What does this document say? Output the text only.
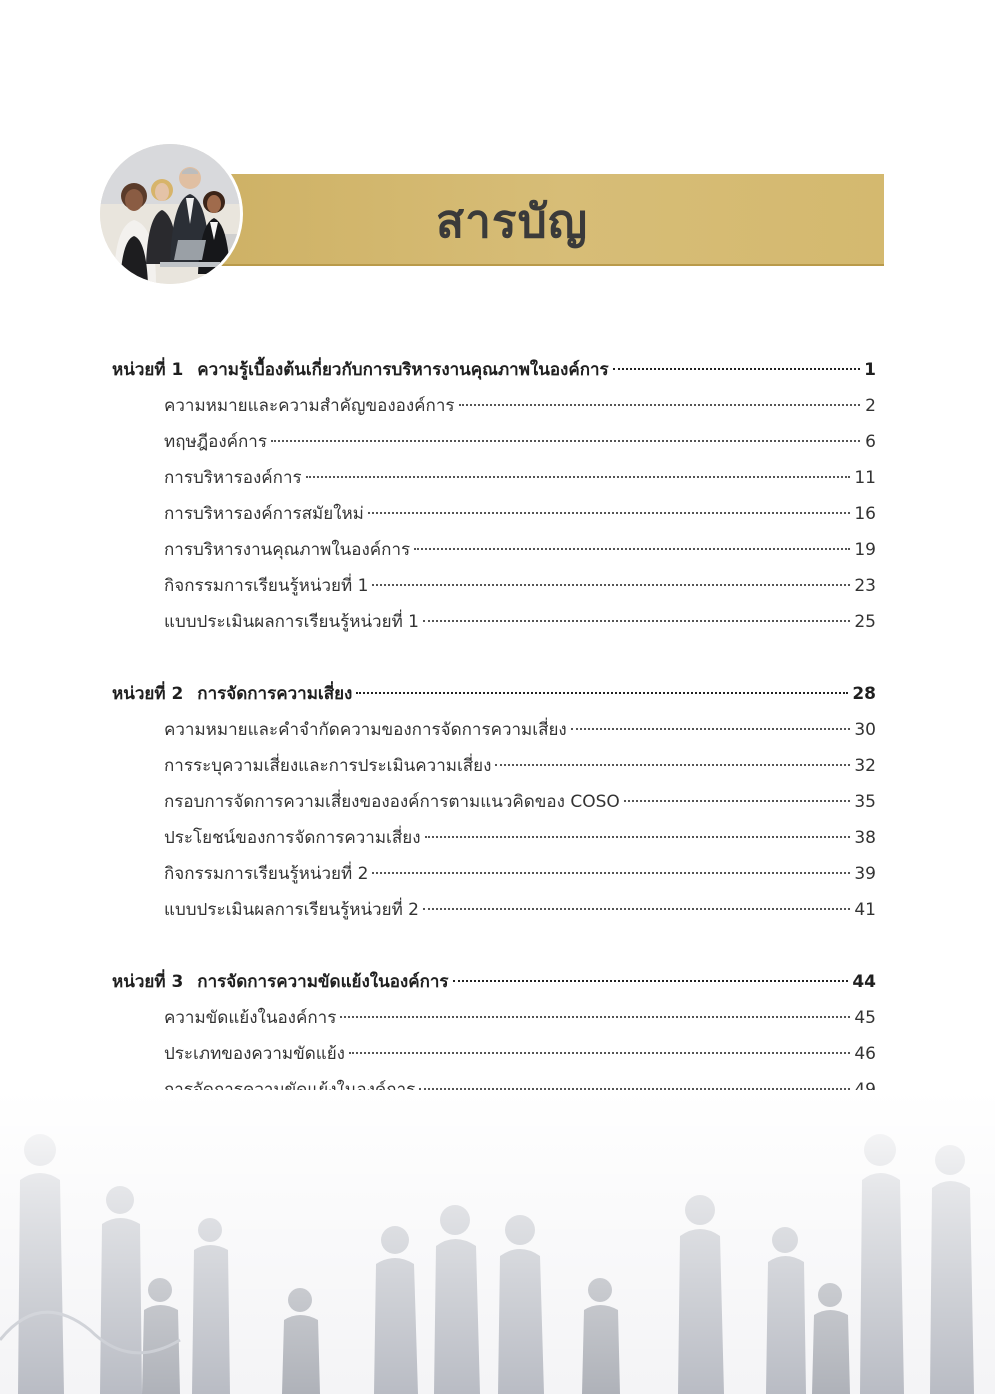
สารบัญ
หน่วยที่ 1 ความรู้เบื้องต้นเกี่ยวกับการบริหารงานคุณภาพในองค์การ	1
ความหมายและความสำคัญขององค์การ	2
ทฤษฎีองค์การ	6
การบริหารองค์การ	11
การบริหารองค์การสมัยใหม่	16
การบริหารงานคุณภาพในองค์การ	19
กิจกรรมการเรียนรู้หน่วยที่ 1	23
แบบประเมินผลการเรียนรู้หน่วยที่ 1	25
หน่วยที่ 2 การจัดการความเสี่ยง	28
ความหมายและคำจำกัดความของการจัดการความเสี่ยง	30
การระบุความเสี่ยงและการประเมินความเสี่ยง	32
กรอบการจัดการความเสี่ยงขององค์การตามแนวคิดของ COSO	35
ประโยชน์ของการจัดการความเสี่ยง	38
กิจกรรมการเรียนรู้หน่วยที่ 2	39
แบบประเมินผลการเรียนรู้หน่วยที่ 2	41
หน่วยที่ 3 การจัดการความขัดแย้งในองค์การ	44
ความขัดแย้งในองค์การ	45
ประเภทของความขัดแย้ง	46
